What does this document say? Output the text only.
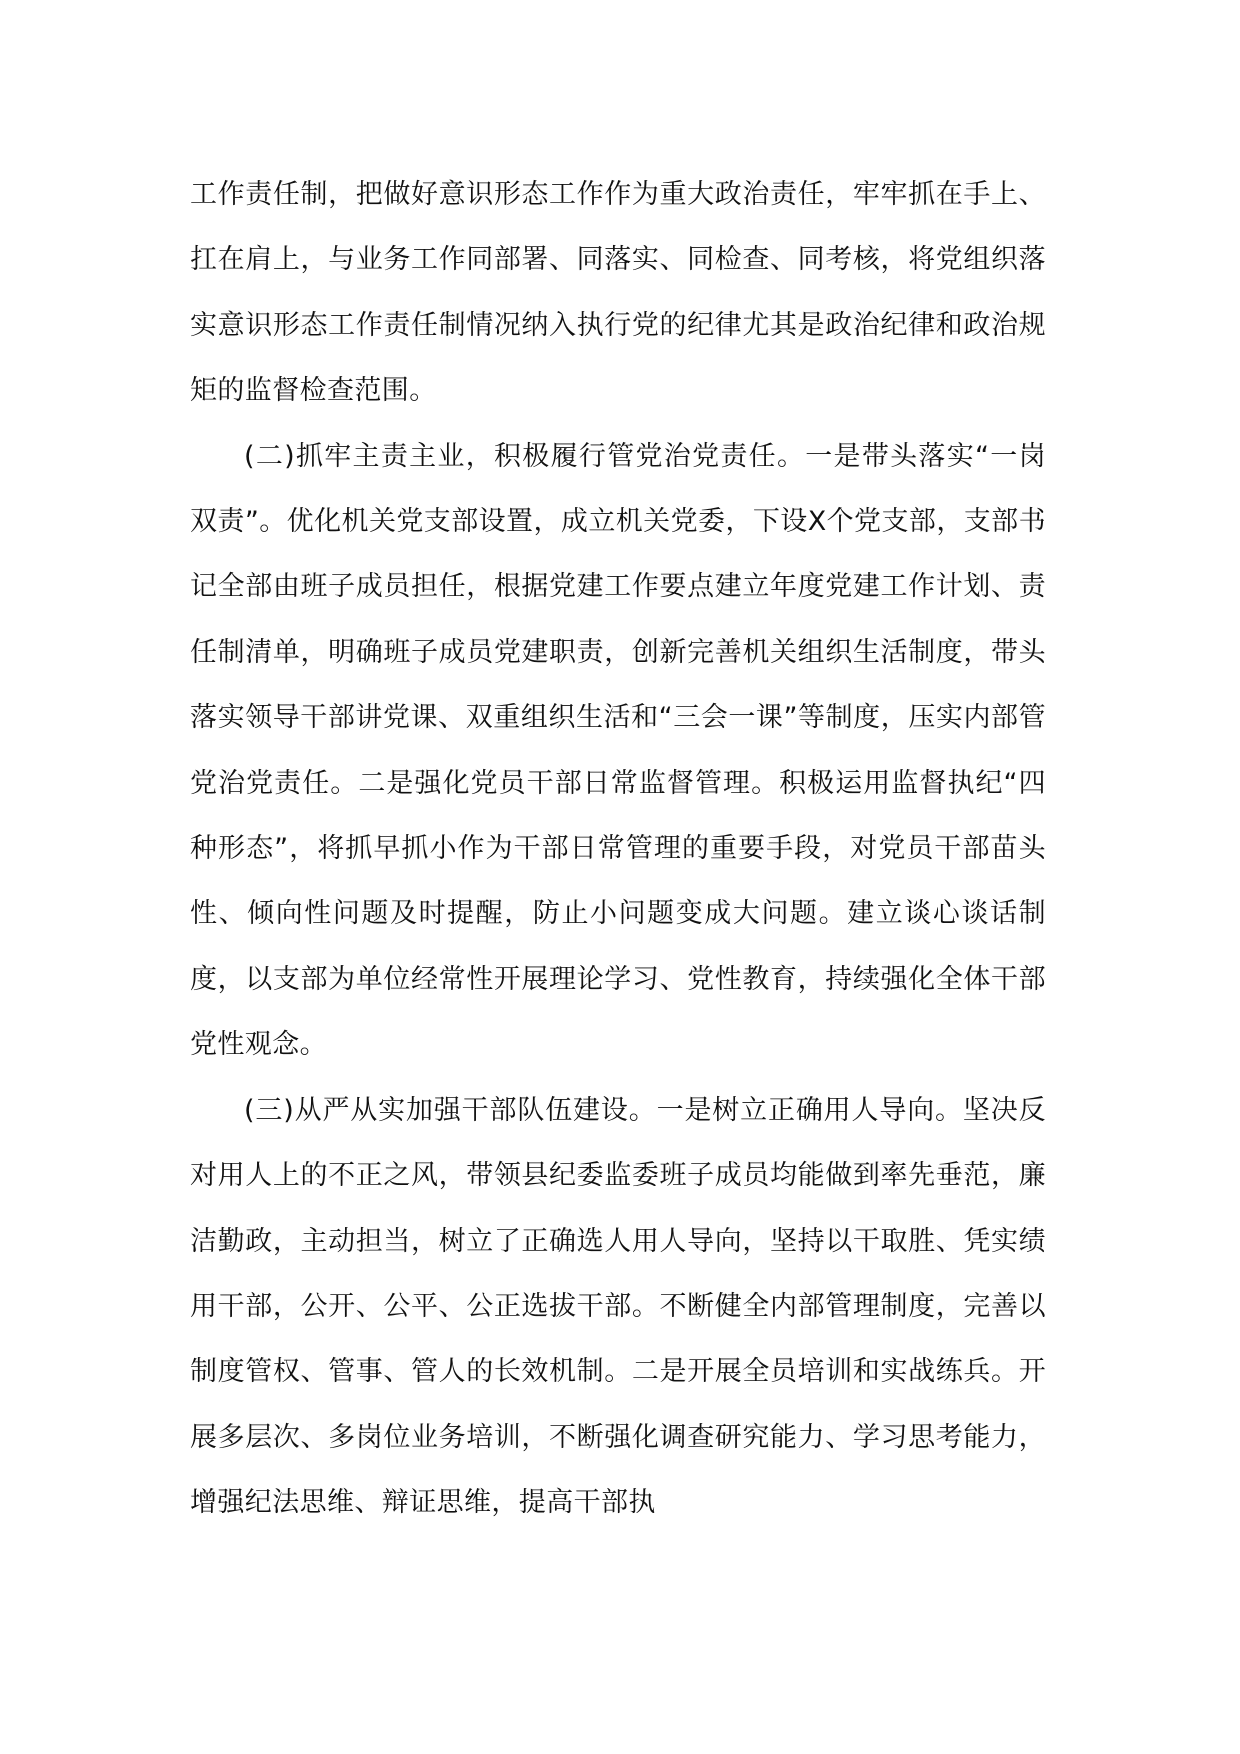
工作责任制，把做好意识形态工作作为重大政治责任，牢牢抓在手上、扛在肩上，与业务工作同部署、同落实、同检查、同考核，将党组织落实意识形态工作责任制情况纳入执行党的纪律尤其是政治纪律和政治规矩的监督检查范围。

(二)抓牢主责主业，积极履行管党治党责任。一是带头落实“一岗双责”。优化机关党支部设置，成立机关党委，下设X个党支部，支部书记全部由班子成员担任，根据党建工作要点建立年度党建工作计划、责任制清单，明确班子成员党建职责，创新完善机关组织生活制度，带头落实领导干部讲党课、双重组织生活和“三会一课”等制度，压实内部管党治党责任。二是强化党员干部日常监督管理。积极运用监督执纪“四种形态”，将抓早抓小作为干部日常管理的重要手段，对党员干部苗头性、倾向性问题及时提醒，防止小问题变成大问题。建立谈心谈话制度，以支部为单位经常性开展理论学习、党性教育，持续强化全体干部党性观念。

(三)从严从实加强干部队伍建设。一是树立正确用人导向。坚决反对用人上的不正之风，带领县纪委监委班子成员均能做到率先垂范，廉洁勤政，主动担当，树立了正确选人用人导向，坚持以干取胜、凭实绩用干部，公开、公平、公正选拔干部。不断健全内部管理制度，完善以制度管权、管事、管人的长效机制。二是开展全员培训和实战练兵。开展多层次、多岗位业务培训，不断强化调查研究能力、学习思考能力，增强纪法思维、辩证思维，提高干部执
